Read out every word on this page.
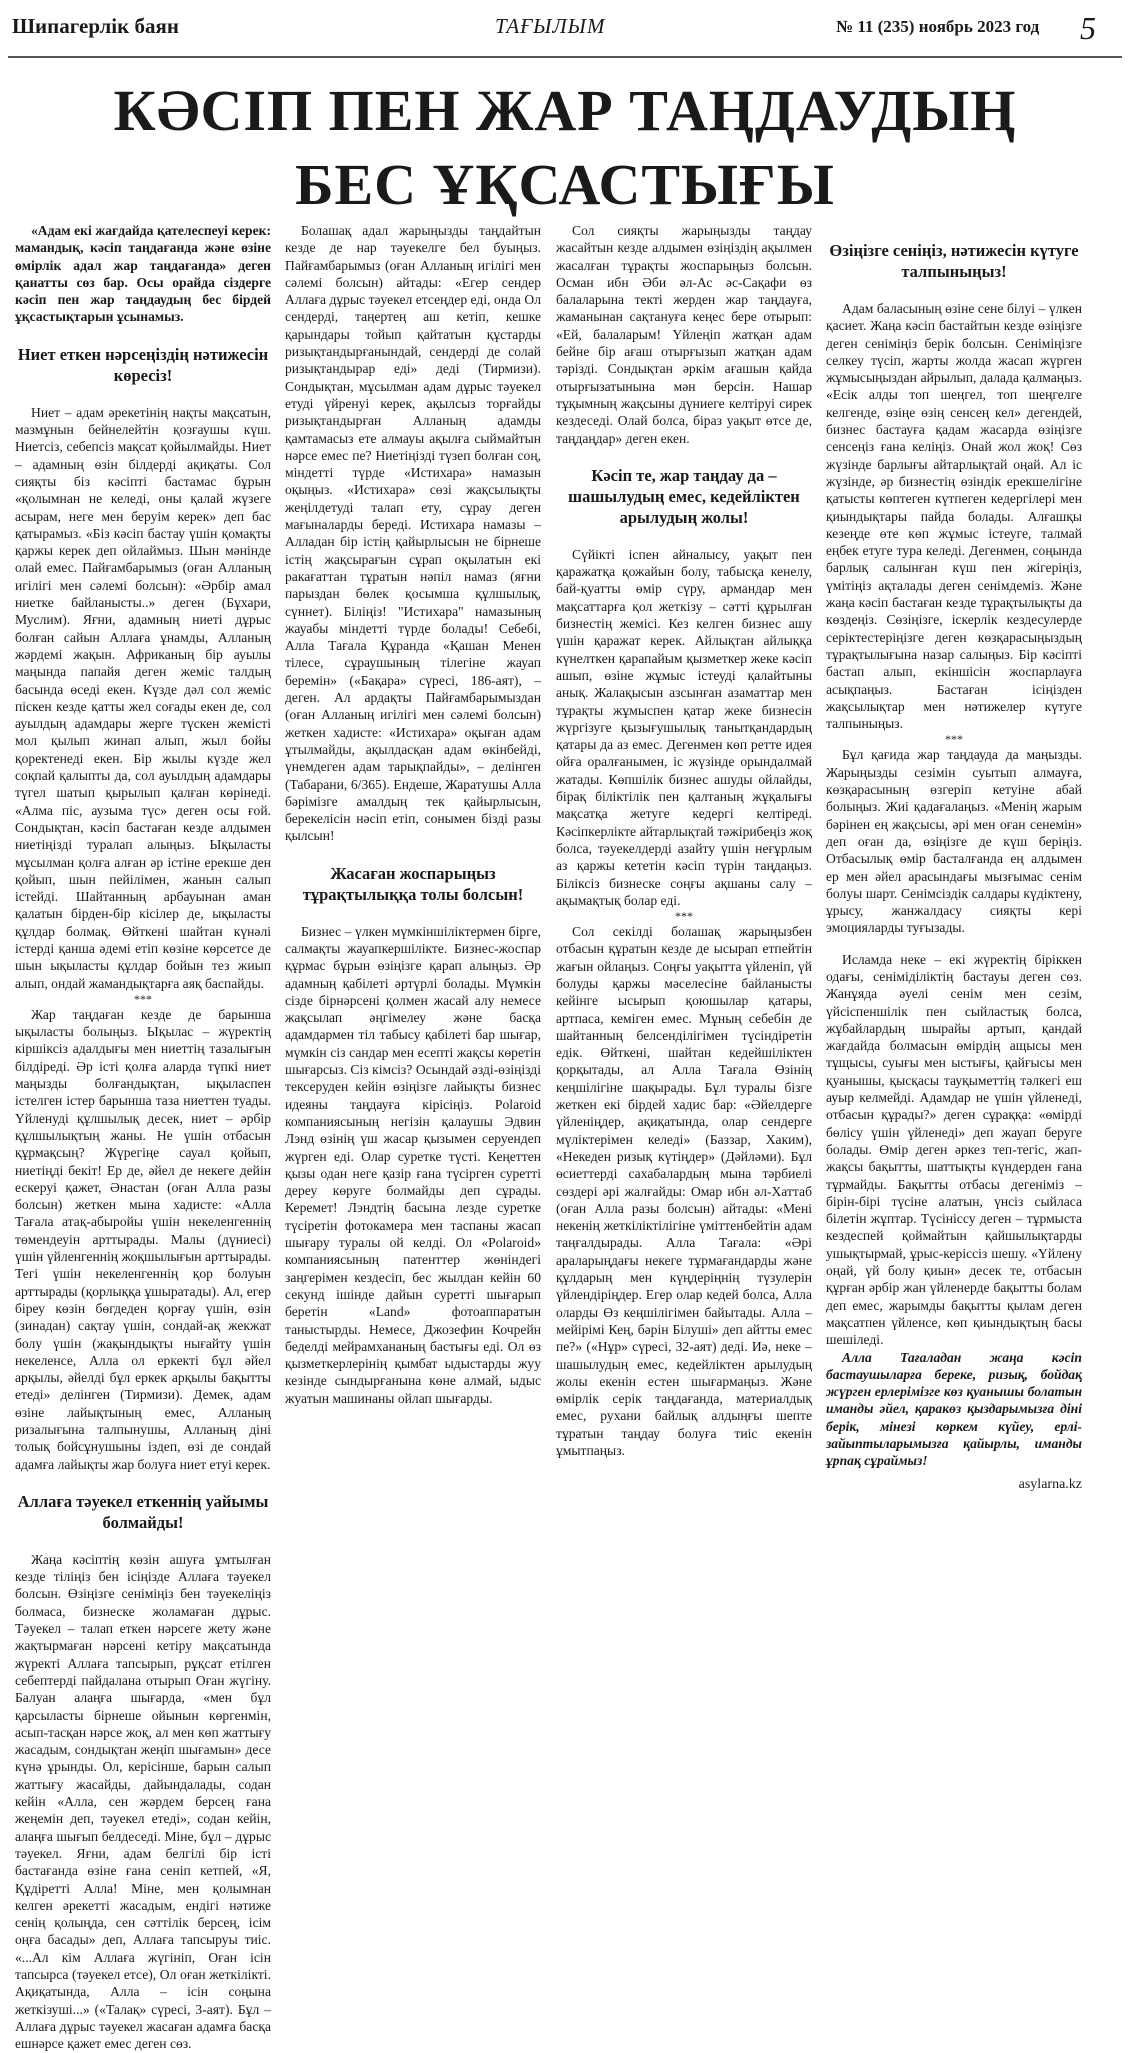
Шипагерлік баян	ТАҒЫЛЫМ	№ 11 (235) ноябрь 2023 год 5
КӘСІП ПЕН ЖАР ТАҢДАУДЫҢ
БЕС ҰҚСАСТЫҒЫ

«Адам екі жағдайда қателеспеуі керек: мамандық, кәсіп таңдағанда және өзіне өмірлік адал жар таңдағанда» деген қанатты сөз бар. Осы орайда сіздерге кәсіп пен жар таңдаудың бес бірдей ұқсастықтарын ұсынамыз.

Ниет еткен нәрсеңіздің нәтижесін көресіз!

Ниет – адам әрекетінің нақты мақсатын, мазмұнын бейнелейтін қозғаушы күш. Ниетсіз, себепсіз мақсат қойылмайды. Ниет – адамның өзін білдерді ақиқаты. Сол сияқты біз кәсіпті бастамас бұрын «қолымнан не келеді, оны қалай жүзеге асырам, неге мен беруім керек» деп бас қатырамыз. «Біз кәсіп бастау үшін қомақты қаржы керек деп ойлаймыз. Шын мәнінде олай емес. Пайғамбарымыз (оған Алланың игілігі мен сәлемі болсын): «Әрбір амал ниетке байланысты..» деген (Бұхари, Муслим). Яғни, адамның ниеті дұрыс болған сайын Аллаға ұнамды, Алланың жәрдемі жақын. Африканың бір ауылы маңында папайя деген жеміс талдың басында өседі екен. Күзде дәл сол жеміс піскен кезде қатты жел соғады екен де, сол ауылдың адамдары жерге түскен жемісті мол қылып жинап алып, жыл бойы қоректенеді екен. Бір жылы күзде жел соқпай қалыпты да, сол ауылдың адамдары түгел шатып қырылып қалған көрінеді. «Алма піс, аузыма түс» деген осы ғой. Сондықтан, кәсіп бастаған кезде алдымен ниетіңізді туралап алыңыз. Ықыласты мұсылман қолға алған әр істіне ерекше ден қойып, шын пейілімен, жанын салып істейді. Шайтанның арбауынан аман қалатын бірден-бір кісілер де, ықыласты құлдар болмақ. Өйткені шайтан күнәлі істерді қанша әдемі етіп көзіне көрсетсе де шын ықыласты құлдар бойын тез жиып алып, ондай жамандықтарға аяқ баспайды.

***

Жар таңдаған кезде де барынша ықыласты болыңыз. Ықылас – жүректің кіршіксіз адалдығы мен ниеттің тазалығын білдіреді. Әр істі қолға аларда түпкі ниет маңызды болғандықтан, ықыласпен істелген істер барынша таза ниеттен туады. Үйленуді құлшылық десек, ниет – әрбір құлшылықтың жаны. Не үшін отбасын құрмақсың? Жүрегіңе сауал қойып, ниетіңді бекіт! Ер де, әйел де некеге дейін ескеруі қажет, Әнастан (оған Алла разы болсын) жеткен мына хадисте: «Алла Тағала атақ-абыройы үшін некеленгеннің төмендеуін арттырады. Малы (дүниесі) үшін үйленгеннің жоқшылығын арттырады. Тегі үшін некеленгеннің қор болуын арттырады (қорлыққа ұшыратады). Ал, егер біреу көзін бөгдеден қорғау үшін, өзін (зинадан) сақтау үшін, сондай-ақ жекжат болу үшін (жақындықты нығайту үшін некеленсе, Алла ол еркекті бұл әйел арқылы, әйелді бұл еркек арқылы бақытты етеді» делінген (Тирмизи). Демек, адам өзіне лайықтының емес, Алланың ризалығына талпынушы, Алланың діні толық бойсұнушыны іздеп, өзі де сондай адамға лайықты жар болуға ниет етуі керек.

Аллаға тәуекел еткеннің уайымы болмайды!

Жаңа кәсіптің көзін ашуға ұмтылған кезде тіліңіз бен ісіңізде Аллаға тәуекел болсын. Өзіңізге сеніміңіз бен тәуекеліңіз болмаса, бизнеске жоламаған дұрыс. Тәуекел – талап еткен нәрсеге жету және жақтырмаған нәрсені кетіру мақсатында жүректі Аллаға тапсырып, рұқсат етілген себептерді пайдалана отырып Оған жүгіну. Балуан алаңға шығарда, «мен бұл қарсыласты бірнеше ойынын көргенмін, асып-тасқан нәрсе жоқ, ал мен көп жаттығу жасадым, сондықтан жеңіп шығамын» десе күнә ұрынды. Ол, керісінше, барын салып жаттығу жасайды, дайындалады, содан кейін «Алла, сен жәрдем берсең ғана жеңемін деп, тәуекел етеді», содан кейін, алаңға шығып белдеседі. Міне, бұл – дұрыс тәуекел. Яғни, адам белгілі бір істі бастағанда өзіне ғана сеніп кетпей, «Я, Құдіретті Алла! Міне, мен қолымнан келген әрекетті жасадым, ендігі нәтиже сенің қолыңда, сен сәттілік берсең, ісім оңға басады» деп, Аллаға тапсыруы тиіс. «...Ал кім Аллаға жүгініп, Оған ісін тапсырса (тәуекел етсе), Ол оған жеткілікті. Ақиқатында, Алла – ісін соңына жеткізуші...» («Талақ» сүресі, 3-аят). Бұл – Аллаға дұрыс тәуекел жасаған адамға басқа ешнәрсе қажет емес деген сөз.

Болашақ адал жарыңызды таңдайтын кезде де нар тәуекелге бел буыңыз. Пайғамбарымыз (оған Алланың игілігі мен сәлемі болсын) айтады: «Егер сендер Аллаға дұрыс тәуекел етсеңдер еді, онда Ол сендерді, таңертең аш кетіп, кешке қарындары тойып қайтатын құстарды ризықтандырғанындай, сендерді де солай ризықтандырар еді» деді (Тирмизи). Сондықтан, мұсылман адам дұрыс тәуекел етуді үйренуі керек, ақылсыз торғайды ризықтандырған Алланың адамды қамтамасыз ете алмауы ақылға сыймайтын нәрсе емес пе? Ниетіңізді түзеп болған соң, міндетті түрде «Истихара» намазын оқыңыз. «Истихара» сөзі жақсылықты жеңілдетуді талап ету, сұрау деген мағыналарды береді. Истихара намазы – Алладан бір істің қайырлысын не бірнеше істің жақсырағын сұрап оқылатын екі ракағаттан тұратын нәпіл намаз (яғни парыздан бөлек қосымша құлшылық, сүннет). Біліңіз! "Истихара" намазының жауабы міндетті түрде болады! Себебі, Алла Тағала Құранда «Қашан Менен тілесе, сұраушының тілегіне жауап беремін» («Бақара» сүресі, 186-аят), – деген. Ал ардақты Пайғамбарымыздан (оған Алланың игілігі мен сәлемі болсын) жеткен хадисте: «Истихара» оқыған адам ұтылмайды, ақылдасқан адам өкінбейді, үнемдеген адам тарықпайды», – делінген (Табарани, 6/365). Ендеше, Жаратушы Алла бәрімізге амалдың тек қайырлысын, берекелісін нәсіп етіп, сонымен бізді разы қылсын!

Жасаған жоспарыңыз тұрақтылыққа толы болсын!

Бизнес – үлкен мүмкіншіліктермен бірге, салмақты жауапкершілікте. Бизнес-жоспар құрмас бұрын өзіңізге қарап алыңыз. Әр адамның қабілеті әртүрлі болады. Мүмкін сізде бірнәрсені қолмен жасай алу немесе жақсылап әңгімелеу және басқа адамдармен тіл табысу қабілеті бар шығар, мүмкін сіз сандар мен есепті жақсы көретін шығарсыз. Сіз кімсіз? Осындай әзді-өзіңізді тексеруден кейін өзіңізге лайықты бизнес идеяны таңдауға кірісіңіз. Polaroid компаниясының негізін қалаушы Эдвин Лэнд өзінің үш жасар қызымен серуендеп жүрген еді. Олар суретке түсті. Кеңеттен қызы одан неге қазір ғана түсірген суретті дереу көруге болмайды деп сұрады. Керемет! Лэндтің басына лезде суретке түсіретін фотокамера мен таспаны жасап шығару туралы ой келді. Ол «Polaroid» компаниясының патенттер жөніндегі заңгерімен кездесіп, бес жылдан кейін 60 секунд ішінде дайын суретті шығарып беретін «Land» фотоаппаратын таныстырды. Немесе, Джозефин Кочрейн беделді мейрамхананың бастығы еді. Ол өз қызметкерлерінің қымбат ыдыстарды жуу кезінде сындырғанына көне алмай, ыдыс жуатын машинаны ойлап шығарды.

Сол сияқты жарыңызды таңдау жасайтын кезде алдымен өзіңіздің ақылмен жасалған тұрақты жоспарыңыз болсын. Осман ибн Әби әл-Ас әс-Сақафи өз балаларына текті жерден жар таңдауға, жаманынан сақтануға кеңес бере отырып: «Ей, балаларым! Үйлеңіп жатқан адам бейне бір ағаш отырғызып жатқан адам тәрізді. Сондықтан әркім ағашын қайда отырғызатынына мән берсін. Нашар тұқымның жақсыны дүниеге келтіруі сирек кездеседі. Олай болса, біраз уақыт өтсе де, таңдаңдар» деген екен.

Кәсіп те, жар таңдау да – шашылудың емес, кедейліктен арылудың жолы!

Сүйікті іспен айналысу, уақыт пен қаражатқа қожайын болу, табысқа кенелу, бай-қуатты өмір сүру, армандар мен мақсаттарға қол жеткізу – сәтті құрылған бизнестің жемісі. Кез келген бизнес ашу үшін қаражат керек. Айлықтан айлыққа күнелткен қарапайым қызметкер жеке кәсіп ашып, өзіне жұмыс істеуді қалайтыны анық. Жалақысын азсынған азаматтар мен тұрақты жұмыспен қатар жеке бизнесін жүргізуге қызығушылық танытқандардың қатары да аз емес. Дегенмен көп ретте идея ойға оралғанымен, іс жүзінде орындалмай жатады. Көпшілік бизнес ашуды ойлайды, бірақ біліктілік пен қалтаның жұқалығы мақсатқа жетуге кедергі келтіреді. Кәсіпкерлікте айтарлықтай тәжірибеңіз жоқ болса, тәуекелдерді азайту үшін неғұрлым аз қаржы кететін кәсіп түрін таңдаңыз. Біліксіз бизнеске соңғы ақшаны салу – ақымақтық болар еді.

***

Сол секілді болашақ жарыңызбен отбасын құратын кезде де ысырап етпейтін жағын ойлаңыз. Соңғы уақытта үйленіп, үй болуды қаржы мәселесіне байланысты кейінге ысырып қоюшылар қатары, артпаса, кеміген емес. Мұның себебін де шайтанның белсенділігімен түсіндіретін едік. Өйткені, шайтан кедейшіліктен қорқытады, ал Алла Тағала Өзінің кеңшілігіне шақырады. Бұл туралы бізге жеткен екі бірдей хадис бар: «Әйелдерге үйленіңдер, ақиқатында, олар сендерге мүліктерімен келеді» (Баззар, Хаким), «Некеден ризық күтіңдер» (Дәйләми). Бұл өсиеттерді сахабалардың мына тәрбиелі сөздері әрі жалғайды: Омар ибн әл-Хаттаб (оған Алла разы болсын) айтады: «Мені некенің жеткіліктілігіне үміттенбейтін адам таңғалдырады. Алла Тағала: «Әрі араларыңдағы некеге тұрмағандарды және құлдарың мен күңдеріңнің түзулерін үйлендіріңдер. Егер олар кедей болса, Алла оларды Өз кеңшілігімен байытады. Алла – мейірімі Кең, бәрін Білуші» деп айтты емес пе?» («Нұр» сүресі, 32-аят) деді. Иә, неке – шашылудың емес, кедейліктен арылудың жолы екенін естен шығармаңыз. Және өмірлік серік таңдағанда, материалдық емес, рухани байлық алдыңғы шепте тұратын таңдау болуға тиіс екенін ұмытпаңыз.

Өзіңізге сеніңіз, нәтижесін күтуге талпыныңыз!

Адам баласының өзіне сене білуі – үлкен қасиет. Жаңа кәсіп бастайтын кезде өзіңізге деген сеніміңіз берік болсын. Сеніміңізге селкеу түсіп, жарты жолда жасап жүрген жұмысыңыздан айрылып, далада қалмаңыз. «Есік алды топ шеңгел, топ шеңгелге келгенде, өзіңе өзің сенсең кел» дегендей, бизнес бастауға қадам жасарда өзіңізге сенсеңіз ғана келіңіз. Онай жол жоқ! Сөз жүзінде барлығы айтарлықтай оңай. Ал іс жүзінде, әр бизнестің өзіндік ерекшелігіне қатысты көптеген күтпеген кедергілері мен қиындықтары пайда болады. Алғашқы кезеңде өте көп жұмыс істеуге, талмай еңбек етуге тура келеді. Дегенмен, соңында барлық салынған күш пен жігеріңіз, үмітіңіз ақталады деген сенімдеміз. Және жаңа кәсіп бастаған кезде тұрақтылықты да көздеңіз. Сөзіңізге, іскерлік кездесулерде серіктестеріңізге деген көзқарасыңыздың тұрақтылығына назар салыңыз. Бір кәсіпті бастап алып, екіншісін жоспарлауға асықпаңыз. Бастаған ісіңізден жақсылықтар мен нәтижелер күтуге талпыныңыз.

***

Бұл қағида жар таңдауда да маңызды. Жарыңызды сезімін суытып алмауға, көзқарасының өзгеріп кетуіне абай болыңыз. Жиі қадағалаңыз. «Менің жарым бәрінен ең жақсысы, әрі мен оған сенемін» деп оған да, өзіңізге де күш беріңіз. Отбасылық өмір басталғанда ең алдымен ер мен әйел арасындағы мызғымас сенім болуы шарт. Сенімсіздік салдары күдіктену, ұрысу, жанжалдасу сияқты кері эмоцияларды туғызады.

Исламда неке – екі жүректің біріккен одағы, сеніміділіктің бастауы деген сөз. Жанұяда әуелі сенім мен сезім, үйсіспеншілік пен сыйластық болса, жұбайлардың шырайы артып, қандай жағдайда болмасын өмірдің ащысы мен тұщысы, суығы мен ыстығы, қайғысы мен қуанышы, қысқасы тауқыметтің тәлкегі еш ауыр келмейді. Адамдар не үшін үйленеді, отбасын құрады?» деген сұраққа: «өмірді бөлісу үшін үйленеді» деп жауап беруге болады. Өмір деген әркез теп-тегіс, жап-жақсы бақытты, шаттықты күндерден ғана тұрмайды. Бақытты отбасы дегеніміз – бірін-бірі түсіне алатын, үнсіз сыйласа білетін жұптар. Түсініссу деген – тұрмыста кездеспей қоймайтын қайшылықтарды ушықтырмай, ұрыс-керіссіз шешу. «Үйлену оңай, үй болу қиын» десек те, отбасын құрған әрбір жан үйленерде бақытты болам деп емес, жарымды бақытты қылам деген мақсатпен үйленсе, көп қиындықтың басы шешіледі.

Алла Тағаладан жаңа кәсіп бастаушыларға береке, ризық, бойдақ жүрген ерлерімізге көз қуанышы болатын иманды әйел, қаракөз қыздарымызға діні берік, мінезі көркем күйеу, ерлі-зайыптыларымызға қайырлы, иманды ұрпақ сұраймыз!

asylarna.kz
